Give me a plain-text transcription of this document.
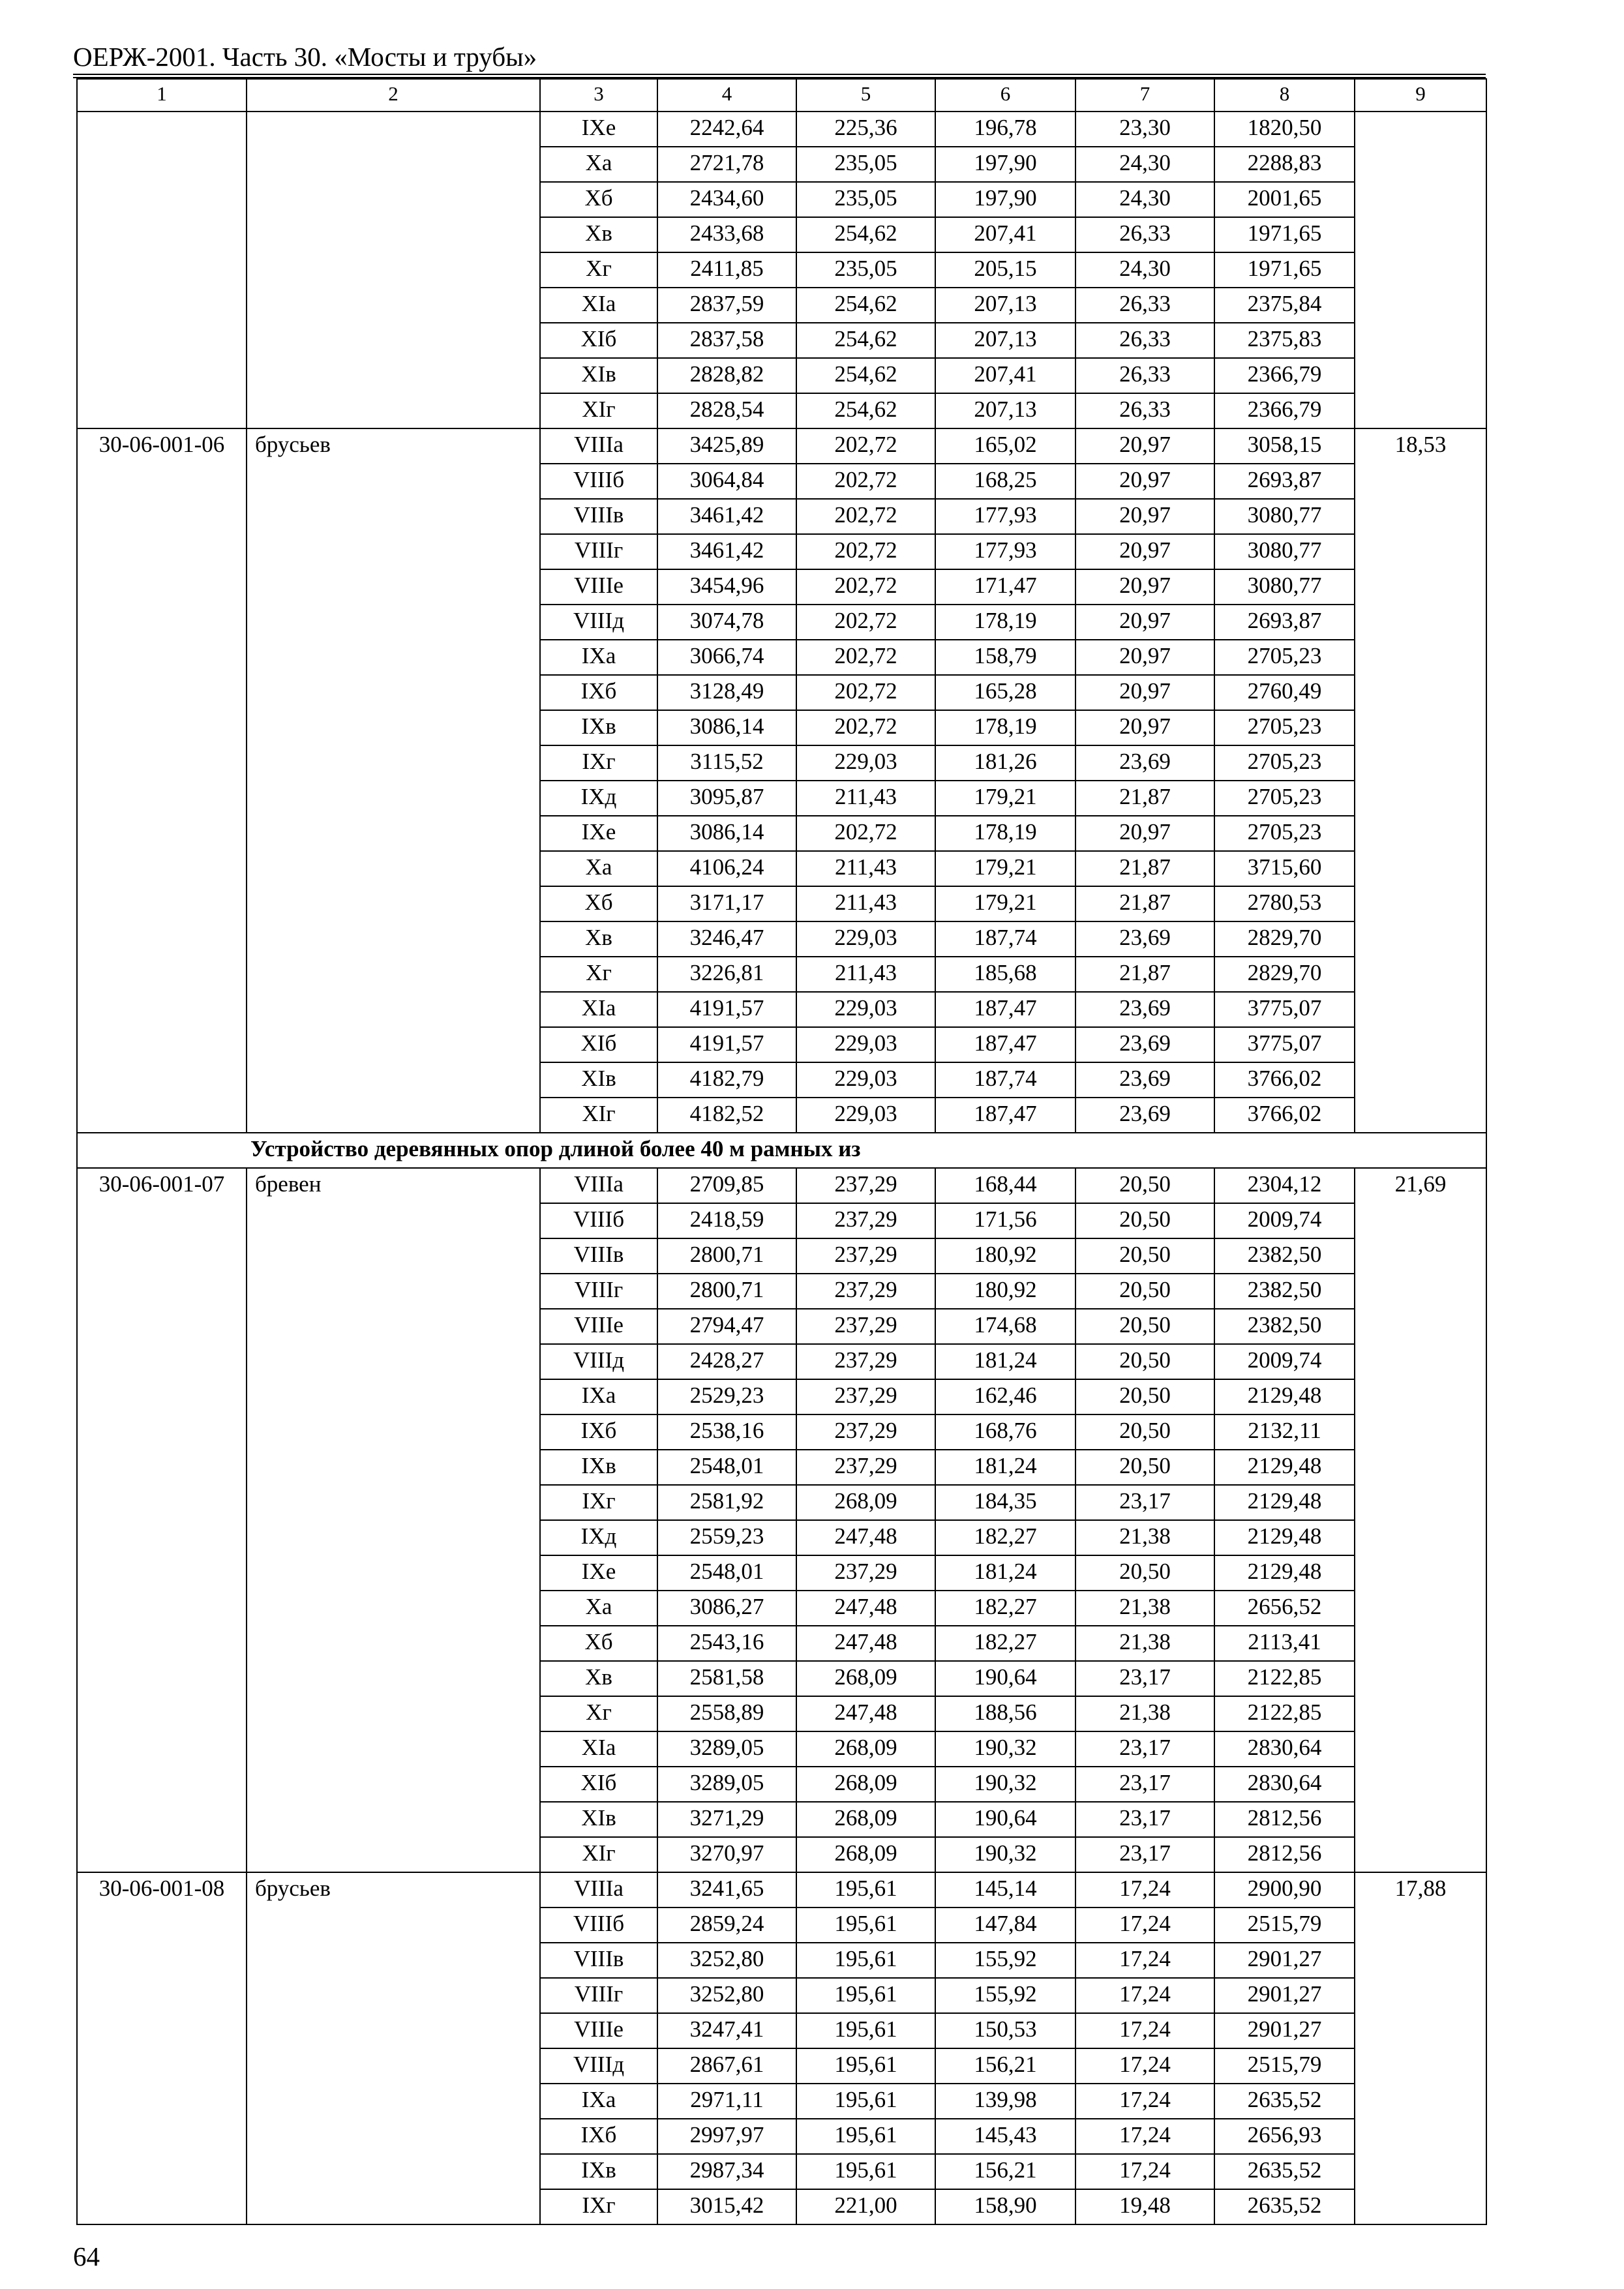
ОЕРЖ-2001. Часть 30. «Мосты и трубы»
1	2	3	4	5	6	7	8	9
		IXе	2242,64	225,36	196,78	23,30	1820,50	
		Xа	2721,78	235,05	197,90	24,30	2288,83	
		Xб	2434,60	235,05	197,90	24,30	2001,65	
		Xв	2433,68	254,62	207,41	26,33	1971,65	
		Xг	2411,85	235,05	205,15	24,30	1971,65	
		XIа	2837,59	254,62	207,13	26,33	2375,84	
		XIб	2837,58	254,62	207,13	26,33	2375,83	
		XIв	2828,82	254,62	207,41	26,33	2366,79	
		XIг	2828,54	254,62	207,13	26,33	2366,79	
30-06-001-06	брусьев	VIIIа	3425,89	202,72	165,02	20,97	3058,15	18,53
		VIIIб	3064,84	202,72	168,25	20,97	2693,87	
		VIIIв	3461,42	202,72	177,93	20,97	3080,77	
		VIIIг	3461,42	202,72	177,93	20,97	3080,77	
		VIIIе	3454,96	202,72	171,47	20,97	3080,77	
		VIIIд	3074,78	202,72	178,19	20,97	2693,87	
		IXа	3066,74	202,72	158,79	20,97	2705,23	
		IXб	3128,49	202,72	165,28	20,97	2760,49	
		IXв	3086,14	202,72	178,19	20,97	2705,23	
		IXг	3115,52	229,03	181,26	23,69	2705,23	
		IXд	3095,87	211,43	179,21	21,87	2705,23	
		IXе	3086,14	202,72	178,19	20,97	2705,23	
		Xа	4106,24	211,43	179,21	21,87	3715,60	
		Xб	3171,17	211,43	179,21	21,87	2780,53	
		Xв	3246,47	229,03	187,74	23,69	2829,70	
		Xг	3226,81	211,43	185,68	21,87	2829,70	
		XIа	4191,57	229,03	187,47	23,69	3775,07	
		XIб	4191,57	229,03	187,47	23,69	3775,07	
		XIв	4182,79	229,03	187,74	23,69	3766,02	
		XIг	4182,52	229,03	187,47	23,69	3766,02	
	Устройство деревянных опор длиной более 40 м рамных из							
30-06-001-07	бревен	VIIIа	2709,85	237,29	168,44	20,50	2304,12	21,69
		VIIIб	2418,59	237,29	171,56	20,50	2009,74	
		VIIIв	2800,71	237,29	180,92	20,50	2382,50	
		VIIIг	2800,71	237,29	180,92	20,50	2382,50	
		VIIIе	2794,47	237,29	174,68	20,50	2382,50	
		VIIIд	2428,27	237,29	181,24	20,50	2009,74	
		IXа	2529,23	237,29	162,46	20,50	2129,48	
		IXб	2538,16	237,29	168,76	20,50	2132,11	
		IXв	2548,01	237,29	181,24	20,50	2129,48	
		IXг	2581,92	268,09	184,35	23,17	2129,48	
		IXд	2559,23	247,48	182,27	21,38	2129,48	
		IXе	2548,01	237,29	181,24	20,50	2129,48	
		Xа	3086,27	247,48	182,27	21,38	2656,52	
		Xб	2543,16	247,48	182,27	21,38	2113,41	
		Xв	2581,58	268,09	190,64	23,17	2122,85	
		Xг	2558,89	247,48	188,56	21,38	2122,85	
		XIа	3289,05	268,09	190,32	23,17	2830,64	
		XIб	3289,05	268,09	190,32	23,17	2830,64	
		XIв	3271,29	268,09	190,64	23,17	2812,56	
		XIг	3270,97	268,09	190,32	23,17	2812,56	
30-06-001-08	брусьев	VIIIа	3241,65	195,61	145,14	17,24	2900,90	17,88
		VIIIб	2859,24	195,61	147,84	17,24	2515,79	
		VIIIв	3252,80	195,61	155,92	17,24	2901,27	
		VIIIг	3252,80	195,61	155,92	17,24	2901,27	
		VIIIе	3247,41	195,61	150,53	17,24	2901,27	
		VIIIд	2867,61	195,61	156,21	17,24	2515,79	
		IXа	2971,11	195,61	139,98	17,24	2635,52	
		IXб	2997,97	195,61	145,43	17,24	2656,93	
		IXв	2987,34	195,61	156,21	17,24	2635,52	
		IXг	3015,42	221,00	158,90	19,48	2635,52	
64
